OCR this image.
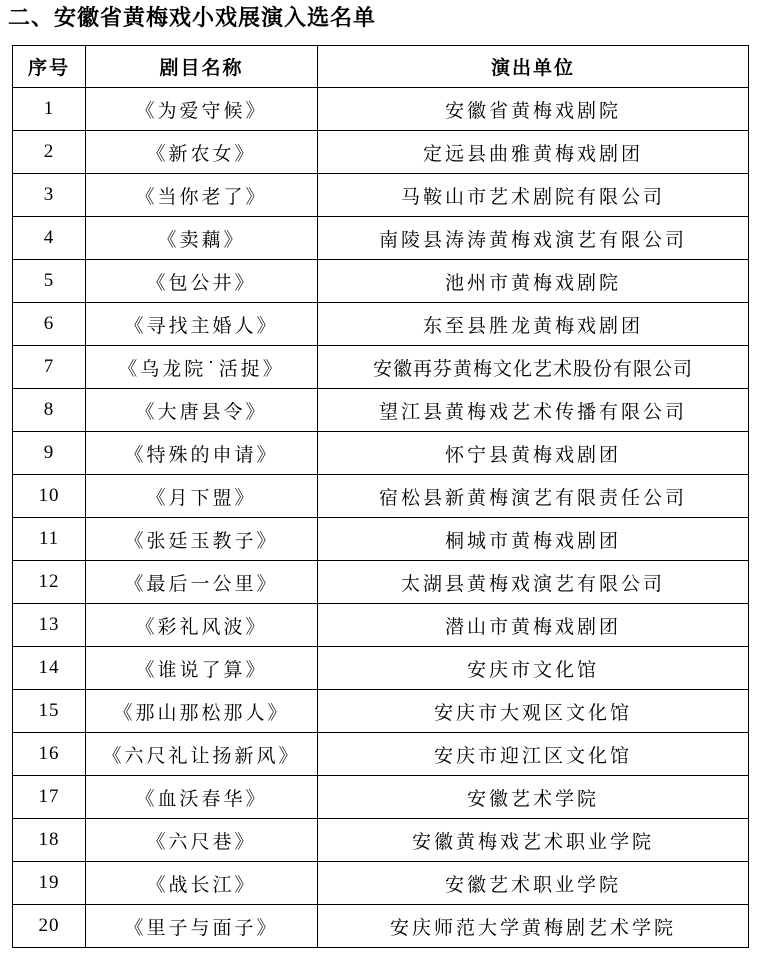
二、安徽省黄梅戏小戏展演入选名单
序号	剧目名称	演出单位
1	《为爱守候》	安徽省黄梅戏剧院
2	《新农女》	定远县曲雅黄梅戏剧团
3	《当你老了》	马鞍山市艺术剧院有限公司
4	《卖藕》	南陵县涛涛黄梅戏演艺有限公司
5	《包公井》	池州市黄梅戏剧院
6	《寻找主婚人》	东至县胜龙黄梅戏剧团
7	《乌龙院˙活捉》	安徽再芬黄梅文化艺术股份有限公司
8	《大唐县令》	望江县黄梅戏艺术传播有限公司
9	《特殊的申请》	怀宁县黄梅戏剧团
10	《月下盟》	宿松县新黄梅演艺有限责任公司
11	《张廷玉教子》	桐城市黄梅戏剧团
12	《最后一公里》	太湖县黄梅戏演艺有限公司
13	《彩礼风波》	潜山市黄梅戏剧团
14	《谁说了算》	安庆市文化馆
15	《那山那松那人》	安庆市大观区文化馆
16	《六尺礼让扬新风》	安庆市迎江区文化馆
17	《血沃春华》	安徽艺术学院
18	《六尺巷》	安徽黄梅戏艺术职业学院
19	《战长江》	安徽艺术职业学院
20	《里子与面子》	安庆师范大学黄梅剧艺术学院
